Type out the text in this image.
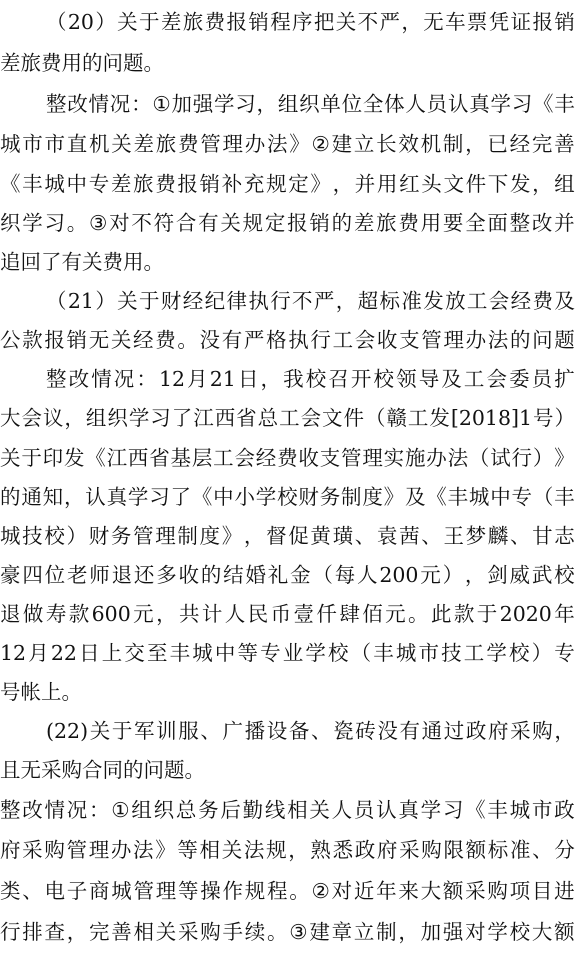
（ 20 ） 关 于 差 旅 费 报 销 程 序 把 关 不 严 ， 无 车 票 凭 证 报 销
差旅费用的问题。
整 改 情 况 ： ① 加 强 学 习 ， 组 织 单 位 全 体 人 员 认 真 学 习 《 丰
城 市 市 直 机 关 差 旅 费 管 理 办 法 》 ② 建 立 长 效 机 制 ， 已 经 完 善
《 丰 城 中 专 差 旅 费 报 销 补 充 规 定 》 ， 并 用 红 头 文 件 下 发 ， 组
织 学 习 。 ③ 对 不 符 合 有 关 规 定 报 销 的 差 旅 费 用 要 全 面 整 改 并
追回了有关费用。
（ 21 ） 关 于 财 经 纪 律 执 行 不 严 ， 超 标 准 发 放 工 会 经 费 及
公 款 报 销 无 关 经 费 。 没 有 严 格 执 行 工 会 收 支 管 理 办 法 的 问 题
整 改 情 况 ： 12 月 21 日 ， 我 校 召 开 校 领 导 及 工 会 委 员 扩
大 会 议 ， 组 织 学 习 了 江 西 省 总 工 会 文 件 （ 赣 工 发 [2018]1 号 ）
关 于 印 发 《 江 西 省 基 层 工 会 经 费 收 支 管 理 实 施 办 法 （ 试 行 ） 》
的 通 知 ， 认 真 学 习 了 《 中 小 学 校 财 务 制 度 》 及 《 丰 城 中 专 （ 丰
城 技 校 ） 财 务 管 理 制 度 》 ， 督 促 黄 璜 、 袁 茜 、 王 梦 麟 、 甘 志
豪 四 位 老 师 退 还 多 收 的 结 婚 礼 金 （ 每 人 200 元 ） ， 剑 威 武 校
退 做 寿 款 600 元 ， 共 计 人 民 币 壹 仟 肆 佰 元 。 此 款 于 2020 年
12 月 22 日 上 交 至 丰 城 中 等 专 业 学 校 （ 丰 城 市 技 工 学 校 ） 专
号帐上。
(22) 关 于 军 训 服 、 广 播 设 备 、 瓷 砖 没 有 通 过 政 府 采 购 ，
且无采购合同的问题。
整 改 情 况 ： ① 组 织 总 务 后 勤 线 相 关 人 员 认 真 学 习 《 丰 城 市 政
府 采 购 管 理 办 法 》 等 相 关 法 规 ， 熟 悉 政 府 采 购 限 额 标 准 、 分
类 、 电 子 商 城 管 理 等 操 作 规 程 。 ② 对 近 年 来 大 额 采 购 项 目 进
行 排 查 ， 完 善 相 关 采 购 手 续 。 ③ 建 章 立 制 ， 加 强 对 学 校 大 额
